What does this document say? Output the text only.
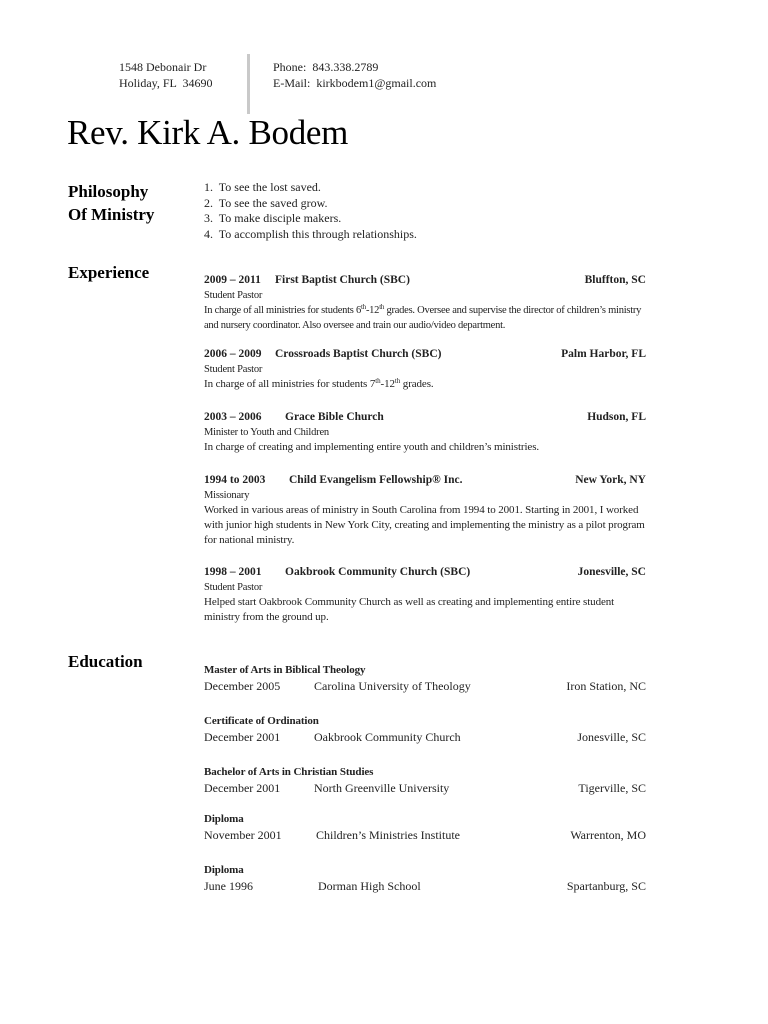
1548 Debonair Dr
Holiday, FL  34690
Phone:  843.338.2789
E-Mail:  kirkbodem1@gmail.com
Rev. Kirk A. Bodem
Philosophy
Of Ministry
1.  To see the lost saved.
2.  To see the saved grow.
3.  To make disciple makers.
4.  To accomplish this through relationships.
Experience	2009 – 2011 First Baptist Church (SBC)	Bluffton, SC
Student Pastor
In charge of all ministries for students 6th-12th grades. Oversee and supervise the director of children’s ministry and nursery coordinator. Also oversee and train our audio/video department.
2006 – 2009 Crossroads Baptist Church (SBC)	Palm Harbor, FL
Student Pastor
In charge of all ministries for students 7th-12th grades.
2003 – 2006 Grace Bible Church	Hudson, FL
Minister to Youth and Children
In charge of creating and implementing entire youth and children’s ministries.
1994 to 2003 Child Evangelism Fellowship® Inc.	New York, NY
Missionary
Worked in various areas of ministry in South Carolina from 1994 to 2001. Starting in 2001, I worked with junior high students in New York City, creating and implementing the ministry as a pilot program for national ministry.
1998 – 2001 Oakbrook Community Church (SBC)	Jonesville, SC
Student Pastor
Helped start Oakbrook Community Church as well as creating and implementing entire student ministry from the ground up.
Education	Master of Arts in Biblical Theology
December 2005	Carolina University of Theology	Iron Station, NC
Certificate of Ordination
December 2001	Oakbrook Community Church	Jonesville, SC
Bachelor of Arts in Christian Studies
December 2001	North Greenville University	Tigerville, SC
Diploma
November 2001	Children’s Ministries Institute	Warrenton, MO
Diploma
June 1996	Dorman High School	Spartanburg, SC
